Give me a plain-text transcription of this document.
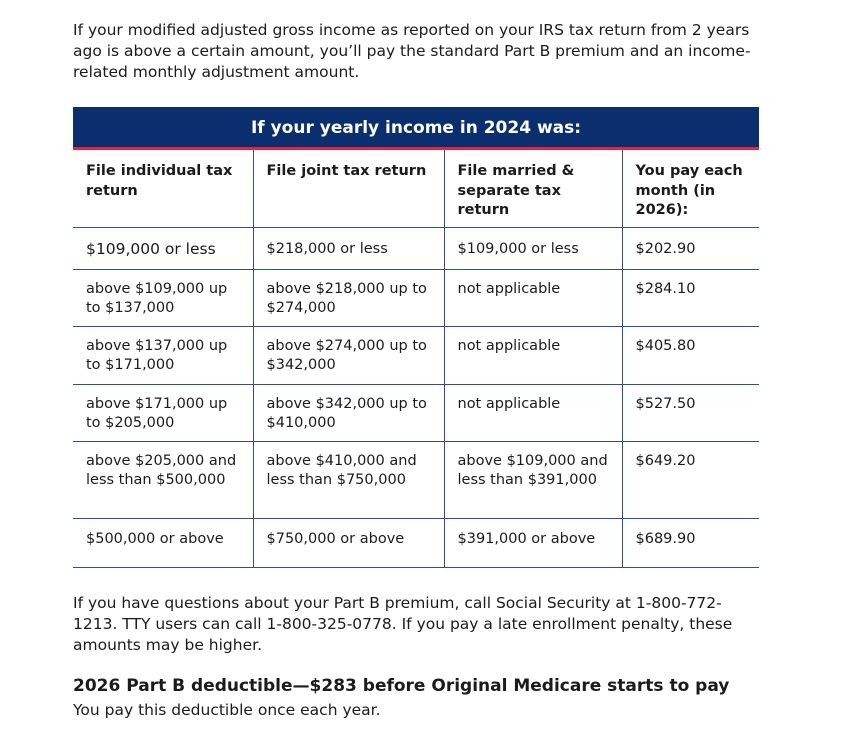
If your modified adjusted gross income as reported on your IRS tax return from 2 years ago is above a certain amount, you’ll pay the standard Part B premium and an income-related monthly adjustment amount.

If your yearly income in 2024 was:
File individual tax return	File joint tax return	File married & separate tax return	You pay each month (in 2026):
$109,000 or less	$218,000 or less	$109,000 or less	$202.90
above $109,000 up to $137,000	above $218,000 up to $274,000	not applicable	$284.10
above $137,000 up to $171,000	above $274,000 up to $342,000	not applicable	$405.80
above $171,000 up to $205,000	above $342,000 up to $410,000	not applicable	$527.50
above $205,000 and less than $500,000	above $410,000 and less than $750,000	above $109,000 and less than $391,000	$649.20
$500,000 or above	$750,000 or above	$391,000 or above	$689.90

If you have questions about your Part B premium, call Social Security at 1-800-772-1213. TTY users can call 1-800-325-0778. If you pay a late enrollment penalty, these amounts may be higher.

2026 Part B deductible—$283 before Original Medicare starts to pay

You pay this deductible once each year.
